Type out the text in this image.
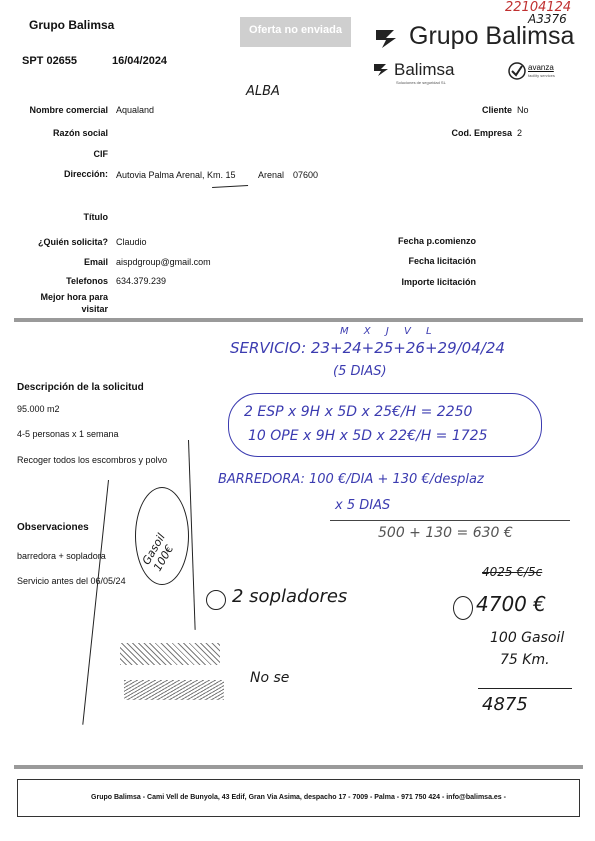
Grupo Balimsa
SPT 02655	16/04/2024
Oferta no enviada	Grupo Balimsa
Balimsa
Soluciones de seguridad SL
avanza
facility services
22104124
A3376
ALBA
Nombre comercial Aqualand
Razón social
CIF
Dirección: Autovia Palma Arenal, Km. 15 Arenal 07600
Cliente No
Cod. Empresa 2
Título
¿Quién solicita? Claudio
Email aispdgroup@gmail.com
Telefonos 634.379.239
Mejor hora para
visitar
Fecha p.comienzo
Fecha licitación
Importe licitación
M X J V L
SERVICIO: 23+24+25+26+29/04/24
(5 DIAS)
2 ESP x 9H x 5D x 25€/H = 2250
10 OPE x 9H x 5D x 22€/H = 1725
BARREDORA: 100 €/DIA + 130 €/desplaz
x 5 DIAS
500 + 130 = 630 €
4025 €/5c
2 sopladores	4700 €
Gasoil 100€
100 Gasoil
75 Km.
4875
No se
Descripción de la solicitud
95.000 m2
4-5 personas x 1 semana
Recoger todos los escombros y polvo
Observaciones
barredora + sopladora
Servicio antes del 06/05/24
Grupo Balimsa - Cami Vell de Bunyola, 43 Edif, Gran Via Asima, despacho 17 - 7009 - Palma - 971 750 424 - info@balimsa.es -
